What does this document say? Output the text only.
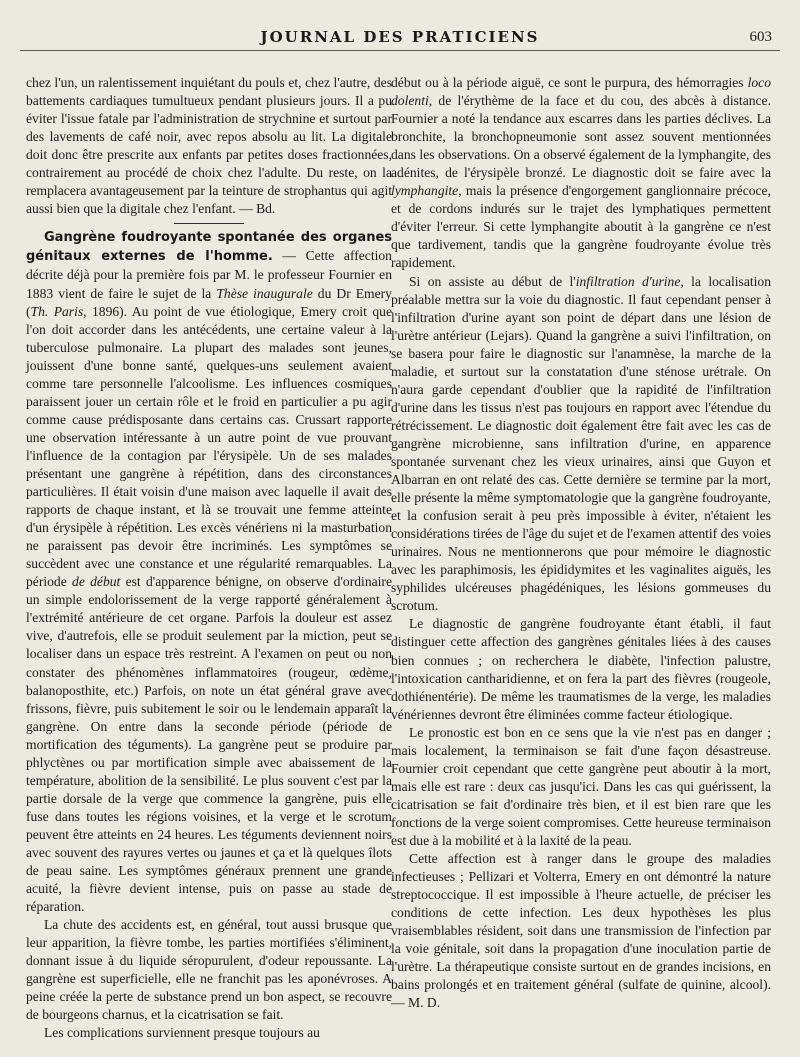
JOURNAL DES PRATICIENS	603

chez l'un, un ralentissement inquiétant du pouls et, chez l'autre, des battements cardiaques tumultueux pendant plusieurs jours. Il a pu éviter l'issue fatale par l'administration de strychnine et surtout par des lavements de café noir, avec repos absolu au lit. La digitale doit donc être prescrite aux enfants par petites doses fractionnées, contrairement au procédé de choix chez l'adulte. Du reste, on la remplacera avantageusement par la teinture de strophantus qui agit aussi bien que la digitale chez l'enfant. — Bd.

Gangrène foudroyante spontanée des organes génitaux externes de l'homme. — Cette affection décrite déjà pour la première fois par M. le professeur Fournier en 1883 vient de faire le sujet de la Thèse inaugurale du Dr Emery (Th. Paris, 1896). Au point de vue étiologique, Emery croit que l'on doit accorder dans les antécédents, une certaine valeur à la tuberculose pulmonaire. La plupart des malades sont jeunes, jouissent d'une bonne santé, quelques-uns seulement avaient comme tare personnelle l'alcoolisme. Les influences cosmiques paraissent jouer un certain rôle et le froid en particulier a pu agir comme cause prédisposante dans certains cas. Crussart rapporte une observation intéressante à un autre point de vue prouvant l'influence de la contagion par l'érysipèle. Un de ses malades présentant une gangrène à répétition, dans des circonstances particulières. Il était voisin d'une maison avec laquelle il avait des rapports de chaque instant, et là se trouvait une femme atteinte d'un érysipèle à répétition. Les excès vénériens ni la masturbation ne paraissent pas devoir être incriminés. Les symptômes se succèdent avec une constance et une régularité remarquables. La période de début est d'apparence bénigne, on observe d'ordinaire un simple endolorissement de la verge rapporté généralement à l'extrémité antérieure de cet organe. Parfois la douleur est assez vive, d'autrefois, elle se produit seulement par la miction, peut se localiser dans un espace très restreint. A l'examen on peut ou non constater des phénomènes inflammatoires (rougeur, œdème, balanoposthite, etc.) Parfois, on note un état général grave avec frissons, fièvre, puis subitement le soir ou le lendemain apparaît la gangrène. On entre dans la seconde période (période de mortification des téguments). La gangrène peut se produire par phlyctènes ou par mortification simple avec abaissement de la température, abolition de la sensibilité. Le plus souvent c'est par la partie dorsale de la verge que commence la gangrène, puis elle fuse dans toutes les régions voisines, et la verge et le scrotum peuvent être atteints en 24 heures. Les téguments deviennent noirs avec souvent des rayures vertes ou jaunes et ça et là quelques îlots de peau saine. Les symptômes généraux prennent une grande acuité, la fièvre devient intense, puis on passe au stade de réparation.

La chute des accidents est, en général, tout aussi brusque que leur apparition, la fièvre tombe, les parties mortifiées s'éliminent, donnant issue à du liquide séropurulent, d'odeur repoussante. La gangrène est superficielle, elle ne franchit pas les aponévroses. A peine créée la perte de substance prend un bon aspect, se recouvre de bourgeons charnus, et la cicatrisation se fait.

Les complications surviennent presque toujours au

début ou à la période aiguë, ce sont le purpura, des hémorragies loco dolenti, de l'érythème de la face et du cou, des abcès à distance. Fournier a noté la tendance aux escarres dans les parties déclives. La bronchite, la bronchopneumonie sont assez souvent mentionnées dans les observations. On a observé également de la lymphangite, des adénites, de l'érysipèle bronzé. Le diagnostic doit se faire avec la lymphangite, mais la présence d'engorgement ganglionnaire précoce, et de cordons indurés sur le trajet des lymphatiques permettent d'éviter l'erreur. Si cette lymphangite aboutit à la gangrène ce n'est que tardivement, tandis que la gangrène foudroyante évolue très rapidement.

Si on assiste au début de l'infiltration d'urine, la localisation préalable mettra sur la voie du diagnostic. Il faut cependant penser à l'infiltration d'urine ayant son point de départ dans une lésion de l'urètre antérieur (Lejars). Quand la gangrène a suivi l'infiltration, on se basera pour faire le diagnostic sur l'anamnèse, la marche de la maladie, et surtout sur la constatation d'une sténose urétrale. On n'aura garde cependant d'oublier que la rapidité de l'infiltration d'urine dans les tissus n'est pas toujours en rapport avec l'étendue du rétrécissement. Le diagnostic doit également être fait avec les cas de gangrène microbienne, sans infiltration d'urine, en apparence spontanée survenant chez les vieux urinaires, ainsi que Guyon et Albarran en ont relaté des cas. Cette dernière se termine par la mort, elle présente la même symptomatologie que la gangrène foudroyante, et la confusion serait à peu près impossible à éviter, n'étaient les considérations tirées de l'âge du sujet et de l'examen attentif des voies urinaires. Nous ne mentionnerons que pour mémoire le diagnostic avec les paraphimosis, les épididymites et les vaginalites aiguës, les syphilides ulcéreuses phagédéniques, les lésions gommeuses du scrotum.

Le diagnostic de gangrène foudroyante étant établi, il faut distinguer cette affection des gangrènes génitales liées à des causes bien connues ; on recherchera le diabète, l'infection palustre, l'intoxication cantharidienne, et on fera la part des fièvres (rougeole, dothiénentérie). De même les traumatismes de la verge, les maladies vénériennes devront être éliminées comme facteur étiologique.

Le pronostic est bon en ce sens que la vie n'est pas en danger ; mais localement, la terminaison se fait d'une façon désastreuse. Fournier croit cependant que cette gangrène peut aboutir à la mort, mais elle est rare : deux cas jusqu'ici. Dans les cas qui guérissent, la cicatrisation se fait d'ordinaire très bien, et il est bien rare que les fonctions de la verge soient compromises. Cette heureuse terminaison est due à la mobilité et à la laxité de la peau.

Cette affection est à ranger dans le groupe des maladies infectieuses ; Pellizari et Volterra, Emery en ont démontré la nature streptococcique. Il est impossible à l'heure actuelle, de préciser les conditions de cette infection. Les deux hypothèses les plus vraisemblables résident, soit dans une transmission de l'infection par la voie génitale, soit dans la propagation d'une inoculation partie de l'urètre. La thérapeutique consiste surtout en de grandes incisions, en bains prolongés et en traitement général (sulfate de quinine, alcool). — M. D.
